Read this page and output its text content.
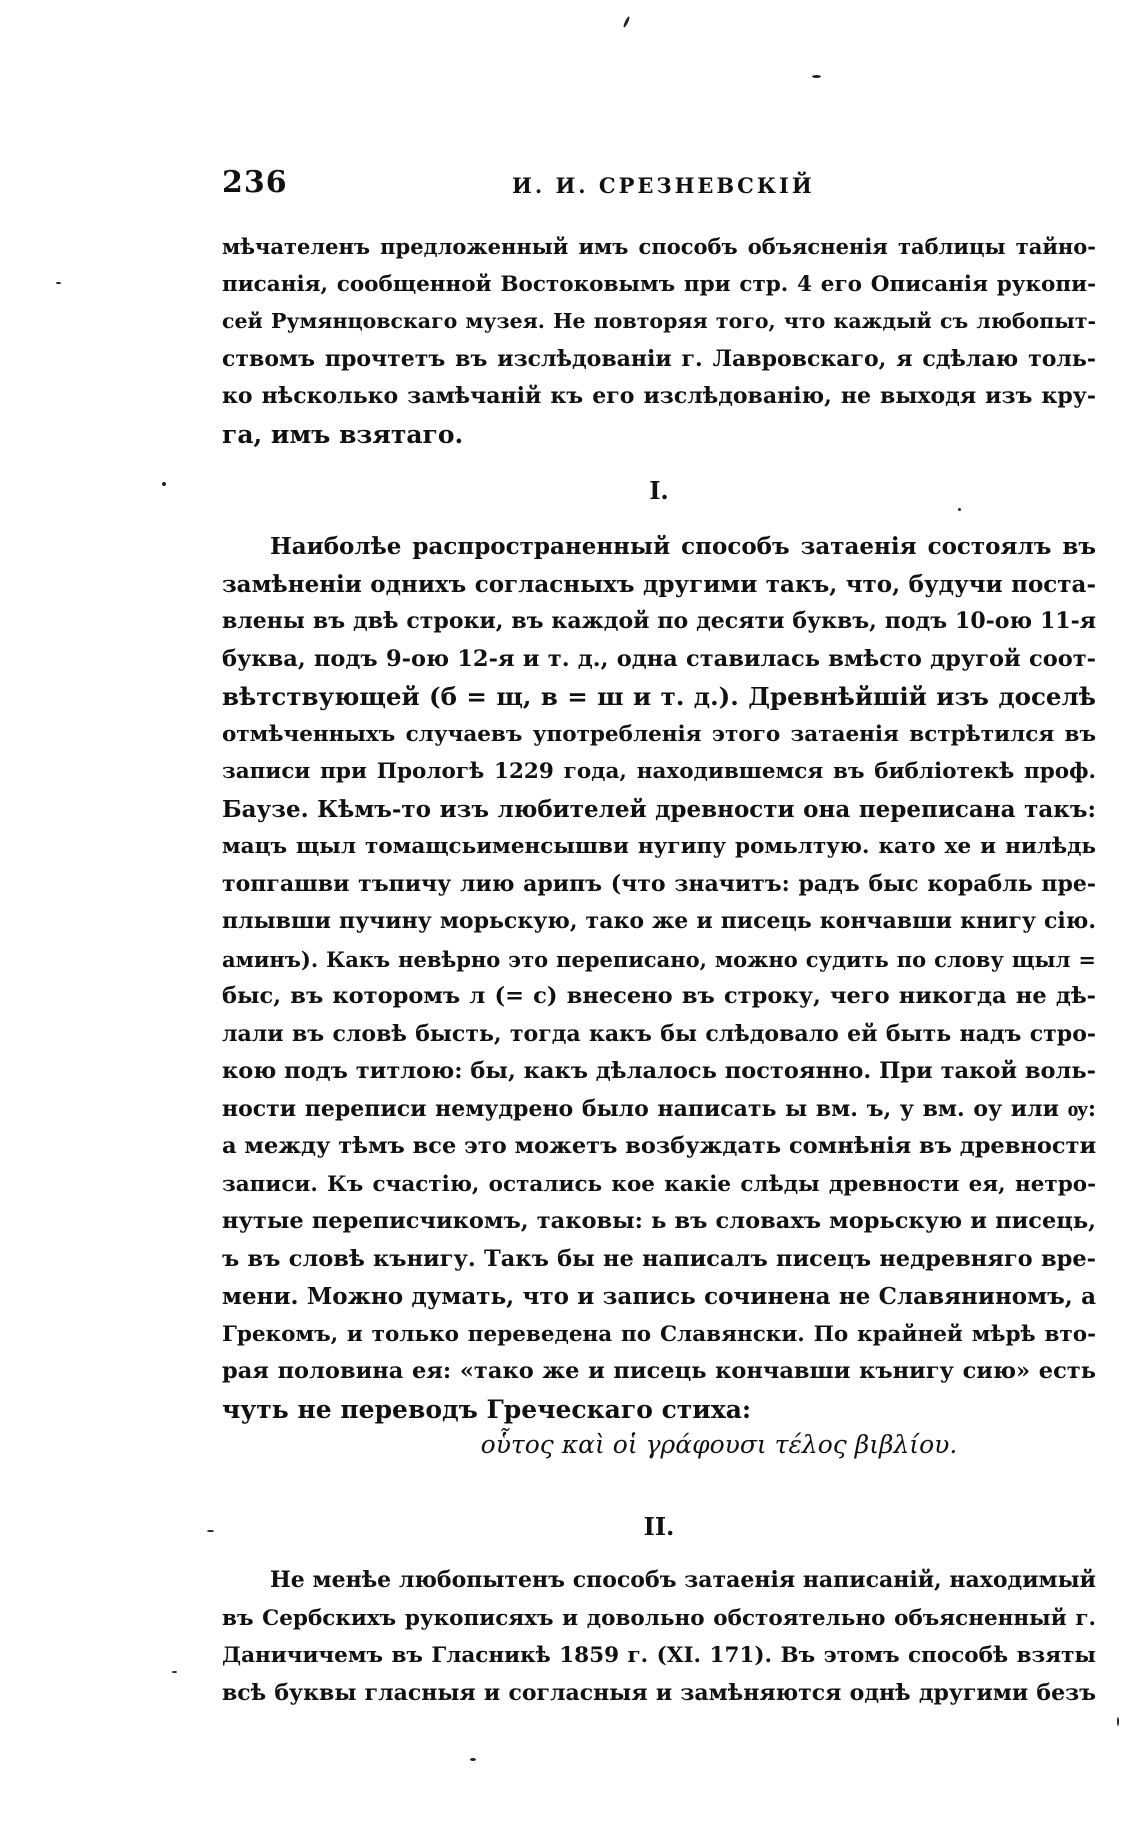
236	И. И. СРЕЗНЕВСКIЙ
мѣчателенъ предложенный имъ способъ объясненія таблицы тайно-
писанія, сообщенной Востоковымъ при стр. 4 его Описанія рукопи-
сей Румянцовскаго музея. Не повторяя того, что каждый съ любопыт-
ствомъ прочтетъ въ изслѣдованіи г. Лавровскаго, я сдѣлаю толь-
ко нѣсколько замѣчаній къ его изслѣдованію, не выходя изъ кру-
га, имъ взятаго.
I.
Наиболѣе распространенный способъ затаенія состоялъ въ
замѣненіи однихъ согласныхъ другими такъ, что, будучи поста-
влены въ двѣ строки, въ каждой по десяти буквъ, подъ 10-ою 11-я
буква, подъ 9-ою 12-я и т. д., одна ставилась вмѣсто другой соот-
вѣтствующей (б = щ, в = ш и т. д.). Древнѣйшій изъ доселѣ
отмѣченныхъ случаевъ употребленія этого затаенія встрѣтился въ
записи при Прологѣ 1229 года, находившемся въ библіотекѣ проф.
Баузе. Кѣмъ-то изъ любителей древности она переписана такъ:
мацъ щыл томащсьименсышви нугипу ромьлтую. като хе и нилѣдь
топгашви тъпичу лию арипъ (что значитъ: радъ быс корабль пре-
плывши пучину морьскую, тако же и писець кончавши книгу сію.
аминъ). Какъ невѣрно это переписано, можно судить по слову щыл =
быс, въ которомъ л (= с) внесено въ строку, чего никогда не дѣ-
лали въ словѣ бысть, тогда какъ бы слѣдовало ей быть надъ стро-
кою подъ титлою: бы, какъ дѣлалось постоянно. При такой воль-
ности переписи немудрено было написать ы вм. ъ, у вм. оу или ѹ:
а между тѣмъ все это можетъ возбуждать сомнѣнія въ древности
записи. Къ счастію, остались кое какіе слѣды древности ея, нетро-
нутые переписчикомъ, таковы: ь въ словахъ морьскую и писець,
ъ въ словѣ кънигу. Такъ бы не написалъ писецъ недревняго вре-
мени. Можно думать, что и запись сочинена не Славяниномъ, а
Грекомъ, и только переведена по Славянски. По крайней мѣрѣ вто-
рая половина ея: «тако же и писець кончавши кънигу сию» есть
чуть не переводъ Греческаго стиха:
οὗτος καὶ οἱ γράφουσι τέλος βιβλίου.
II.
Не менѣе любопытенъ способъ затаенія написаній, находимый
въ Сербскихъ рукописяхъ и довольно обстоятельно объясненный г.
Даничичемъ въ Гласникѣ 1859 г. (XI. 171). Въ этомъ способѣ взяты
всѣ буквы гласныя и согласныя и замѣняются однѣ другими безъ
